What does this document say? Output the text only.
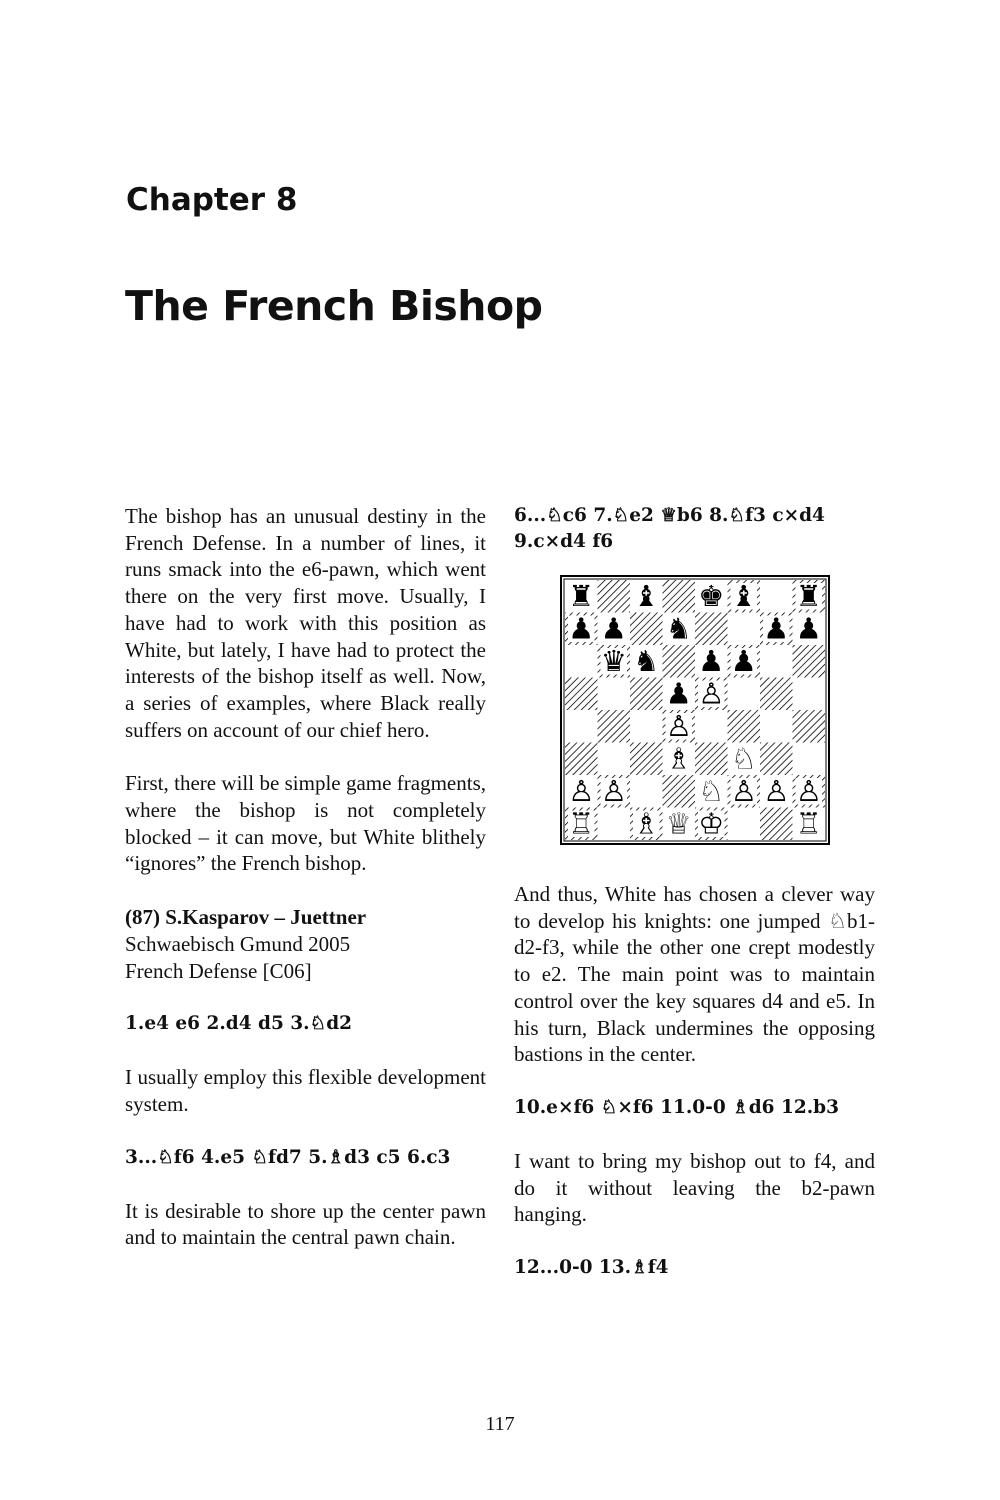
Chapter 8
The French Bishop

The bishop has an unusual destiny in the French Defense. In a number of lines, it runs smack into the e6-pawn, which went there on the very first move. Usually, I have had to work with this position as White, but lately, I have had to protect the interests of the bishop itself as well. Now, a series of examples, where Black really suffers on account of our chief hero.

First, there will be simple game fragments, where the bishop is not completely blocked – it can move, but White blithely “ignores” the French bishop.

(87) S.Kasparov – Juettner
Schwaebisch Gmund 2005
French Defense [C06]

1.e4 e6 2.d4 d5 3.♘d2

I usually employ this flexible development system.

3...♘f6 4.e5 ♘fd7 5.♗d3 c5 6.c3

It is desirable to shore up the center pawn and to maintain the central pawn chain.

6...♘c6 7.♘e2 ♕b6 8.♘f3 c×d4 9.c×d4 f6

♜ ♝ ♚ ♝ ♜
♟ ♟ ♞ ♟ ♟
♛ ♞ ♟ ♟
♟ ♙
♙
♗ ♘
♙ ♙ ♘ ♙ ♙ ♙
♖ ♗ ♕ ♔ ♖

And thus, White has chosen a clever way to develop his knights: one jumped ♘b1-d2-f3, while the other one crept modestly to e2. The main point was to maintain control over the key squares d4 and e5. In his turn, Black undermines the opposing bastions in the center.

10.e×f6 ♘×f6 11.0-0 ♗d6 12.b3

I want to bring my bishop out to f4, and do it without leaving the b2-pawn hanging.

12...0-0 13.♗f4

117
